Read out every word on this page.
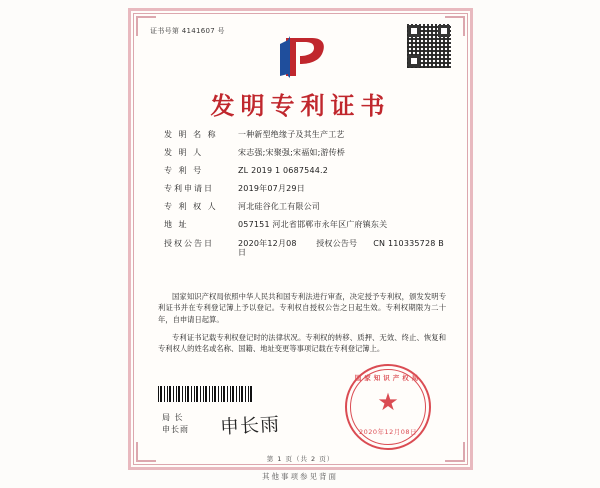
证书号第 4141607 号
发明专利证书
发 明 名 称	一种新型绝缘子及其生产工艺
发 明 人	宋志强;宋聚强;宋福如;游传桥
专 利 号	ZL 2019 1 0687544.2
专利申请日	2019年07月29日
专 利 权 人	河北硅谷化工有限公司
地 址	057151 河北省邯郸市永年区广府镇东关
授权公告日	2020年12月08日
授权公告号 CN 110335728 B

国家知识产权局依照中华人民共和国专利法进行审查，决定授予专利权，颁发发明专利证书并在专利登记簿上予以登记。专利权自授权公告之日起生效。专利权期限为二十年，自申请日起算。

专利证书记载专利权登记时的法律状况。专利权的转移、质押、无效、终止、恢复和专利权人的姓名或名称、国籍、地址变更等事项记载在专利登记簿上。

局 长
申长雨 申长雨
国家知识产权局
★
2020年12月08日
第 1 页（共 2 页）
其他事项参见背面
